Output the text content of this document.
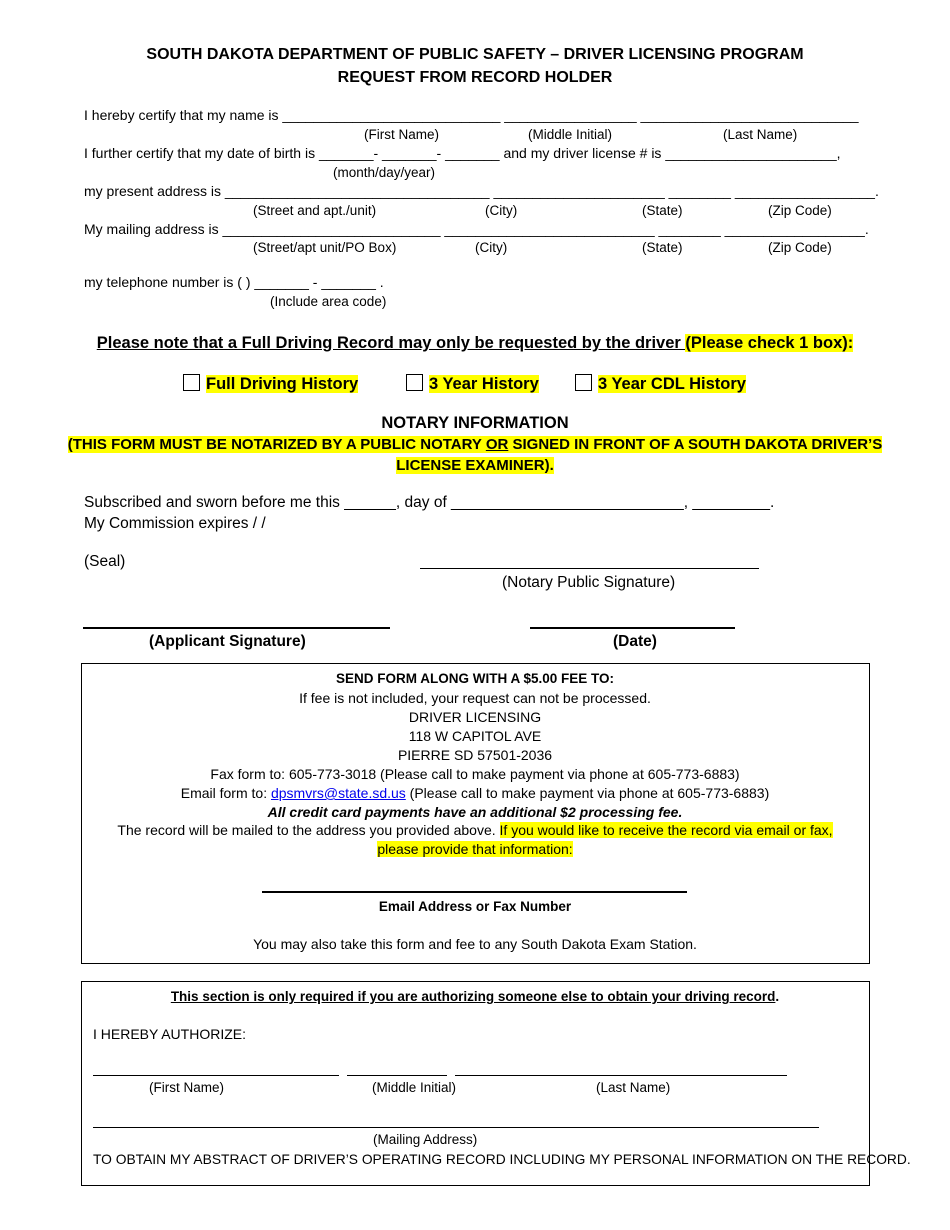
SOUTH DAKOTA DEPARTMENT OF PUBLIC SAFETY – DRIVER LICENSING PROGRAM
REQUEST FROM RECORD HOLDER
I hereby certify that my name is ____________________________ _________________ ____________________________
(First Name)	(Middle Initial)	(Last Name)
I further certify that my date of birth is _______- _______- _______ and my driver license # is ______________________,
(month/day/year)
my present address is __________________________________ ______________________ ________ __________________.
(Street and apt./unit)	(City)	(State)	(Zip Code)
My mailing address is ____________________________ ___________________________ ________ __________________.
(Street/apt unit/PO Box)	(City)	(State)	(Zip Code)
my telephone number is ( ) _______ - _______ .
(Include area code)
Please note that a Full Driving Record may only be requested by the driver (Please check 1 box):
Full Driving History	3 Year History	3 Year CDL History
NOTARY INFORMATION
(THIS FORM MUST BE NOTARIZED BY A PUBLIC NOTARY OR SIGNED IN FRONT OF A SOUTH DAKOTA DRIVER’S
LICENSE EXAMINER).
Subscribed and sworn before me this ______, day of ___________________________, _________.
My Commission expires / /
(Seal)
(Notary Public Signature)
(Applicant Signature)	(Date)
SEND FORM ALONG WITH A $5.00 FEE TO:
If fee is not included, your request can not be processed.
DRIVER LICENSING
118 W CAPITOL AVE
PIERRE SD 57501-2036
Fax form to: 605-773-3018 (Please call to make payment via phone at 605-773-6883)
Email form to: dpsmvrs@state.sd.us (Please call to make payment via phone at 605-773-6883)
All credit card payments have an additional $2 processing fee.
The record will be mailed to the address you provided above. If you would like to receive the record via email or fax,
please provide that information:
Email Address or Fax Number
You may also take this form and fee to any South Dakota Exam Station.
This section is only required if you are authorizing someone else to obtain your driving record.
I HEREBY AUTHORIZE:
(First Name)	(Middle Initial)	(Last Name)
(Mailing Address)
TO OBTAIN MY ABSTRACT OF DRIVER’S OPERATING RECORD INCLUDING MY PERSONAL INFORMATION ON THE RECORD.
